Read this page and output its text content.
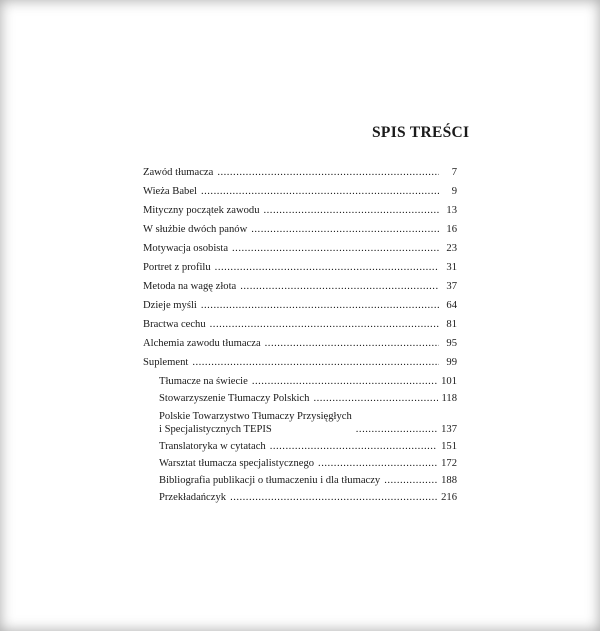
SPIS TREŚCI
Zawód tłumacza .....	7
Wieża Babel .....	9
Mityczny początek zawodu .....	13
W służbie dwóch panów .....	16
Motywacja osobista .....	23
Portret z profilu .....	31
Metoda na wagę złota .....	37
Dzieje myśli .....	64
Bractwa cechu .....	81
Alchemia zawodu tłumacza .....	95
Suplement .....	99
Tłumacze na świecie .....	101
Stowarzyszenie Tłumaczy Polskich .....	118
Polskie Towarzystwo Tłumaczy Przysięgłych
i Specjalistycznych TEPIS .....	137
Translatoryka w cytatach .....	151
Warsztat tłumacza specjalistycznego .....	172
Bibliografia publikacji o tłumaczeniu i dla tłumaczy .....	188
Przekładańczyk .....	216
